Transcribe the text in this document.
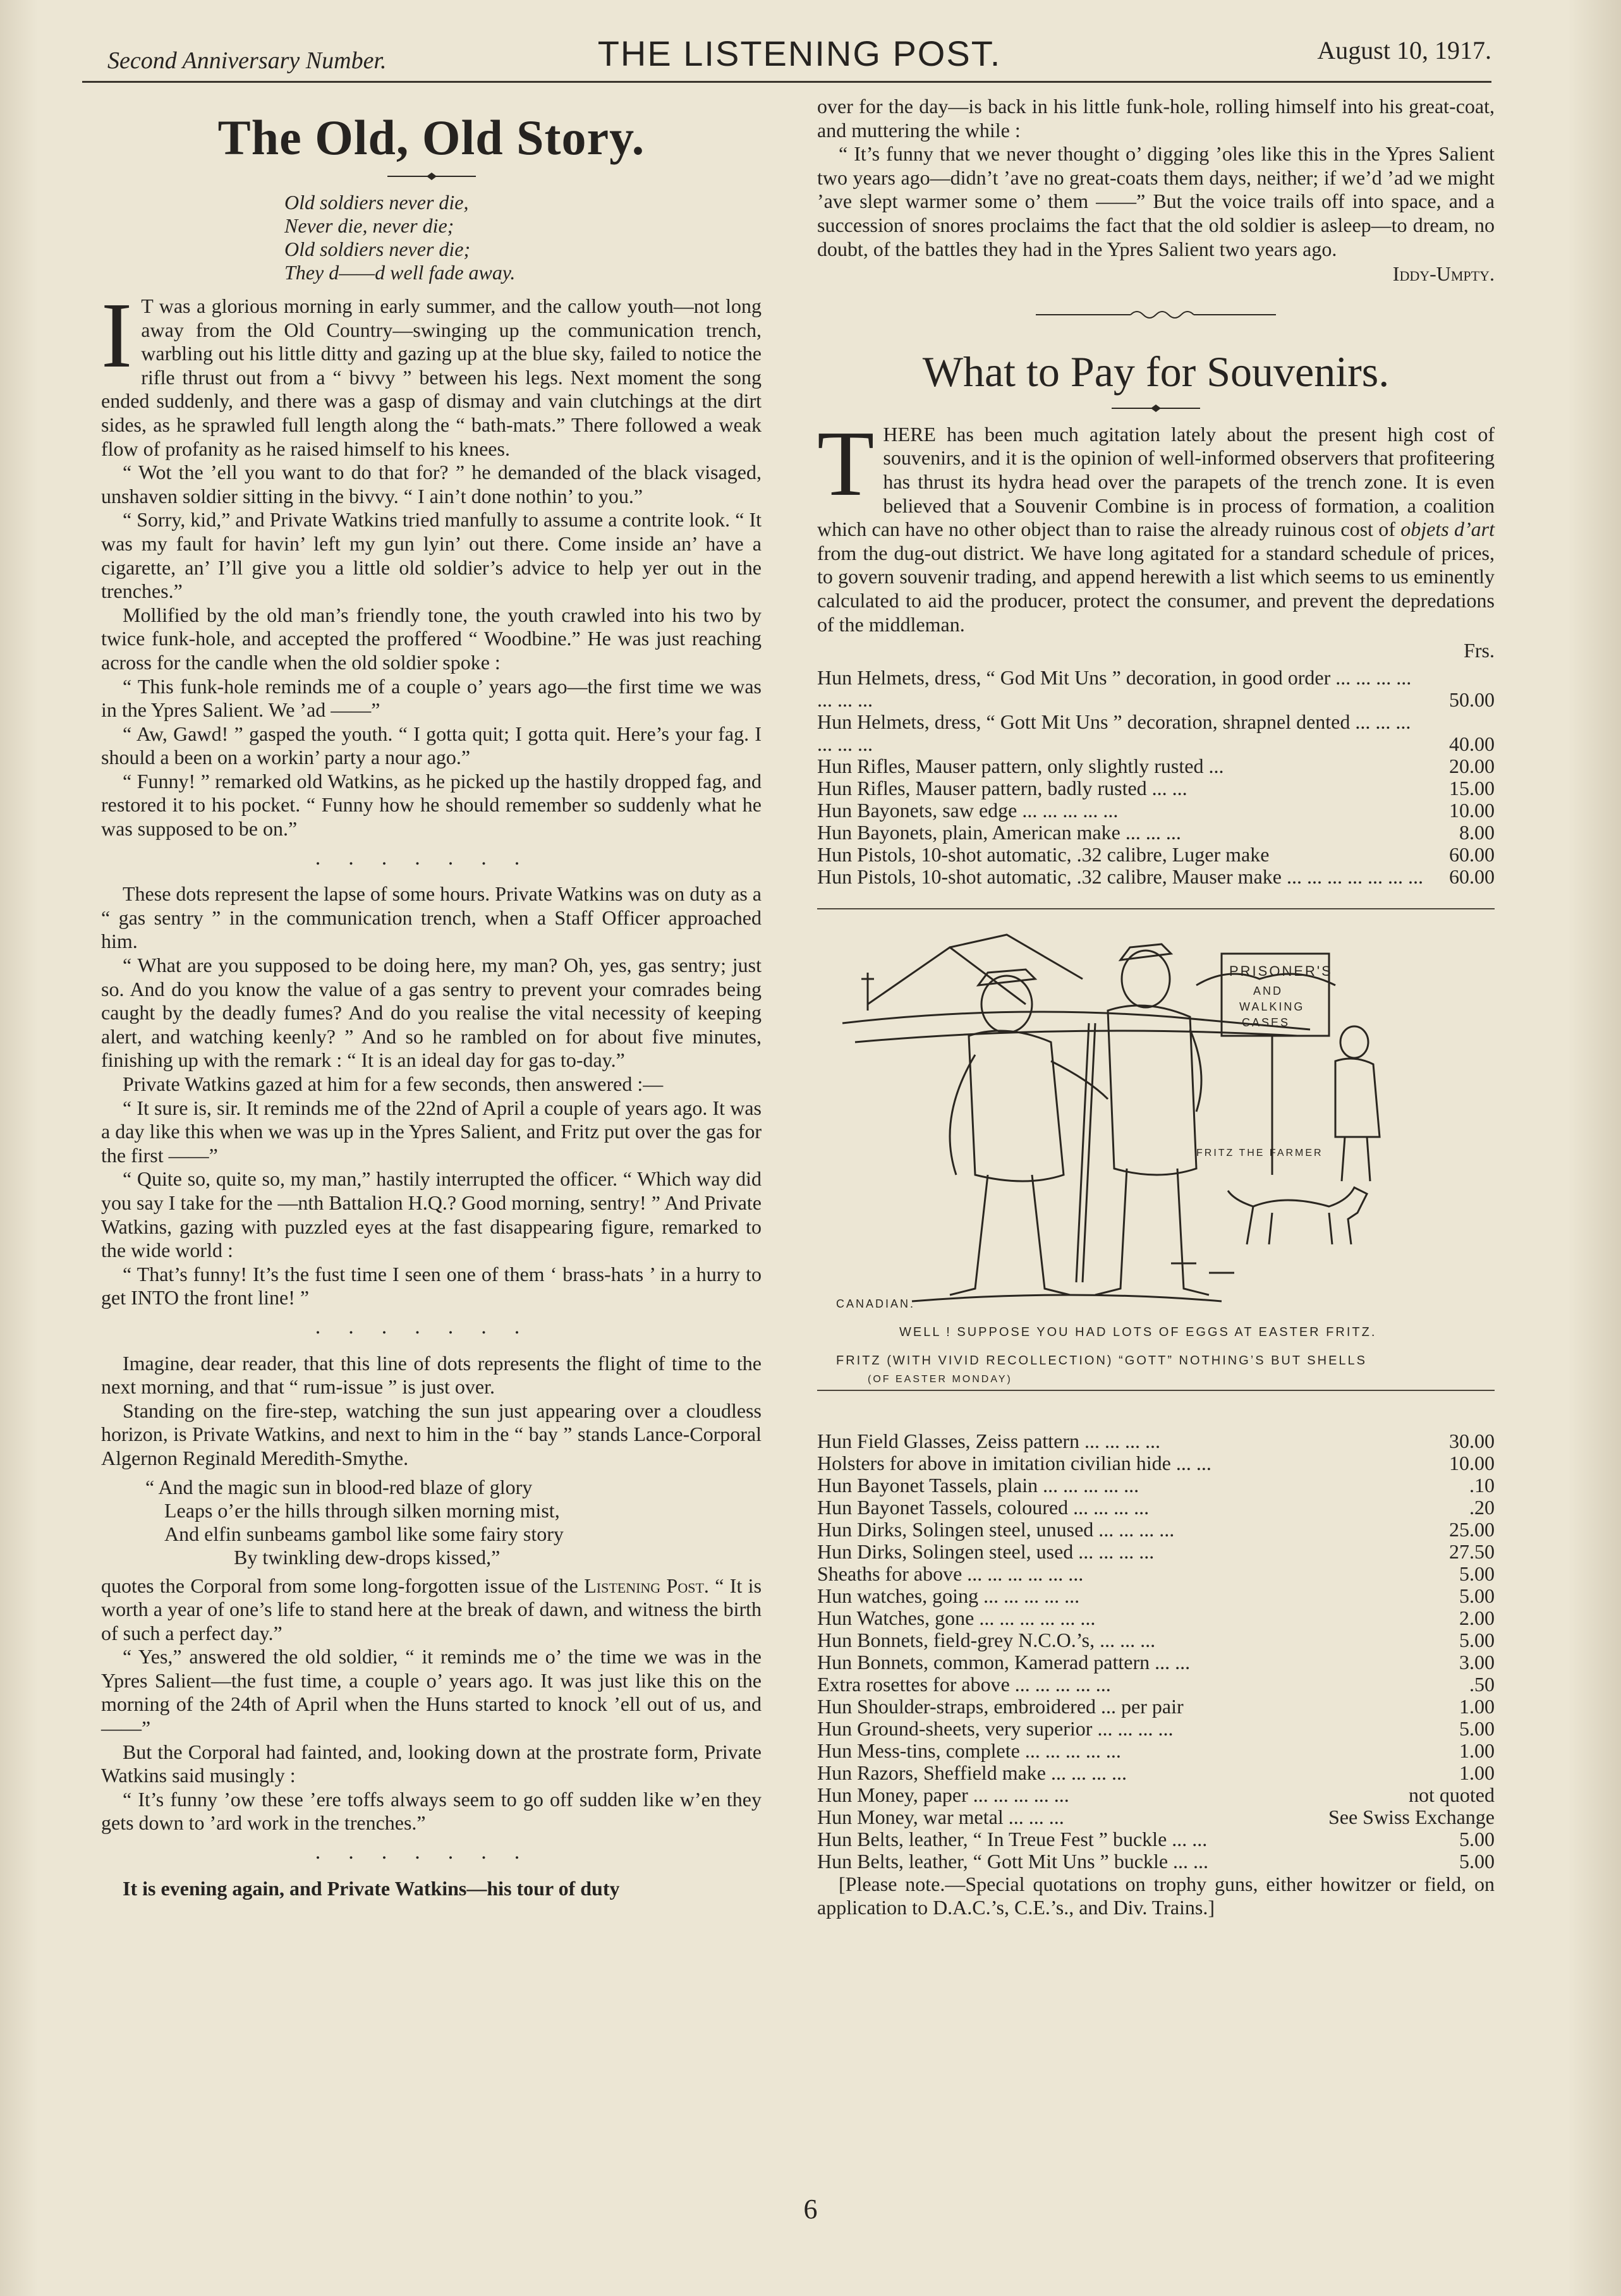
Second Anniversary Number.	THE LISTENING POST.	August 10, 1917.
The Old, Old Story.
Old soldiers never die,
Never die, never die;
Old soldiers never die;
They d——d well fade away.

I T was a glorious morning in early summer, and the callow youth—not long away from the Old Country—swinging up the communication trench, warbling out his little ditty and gazing up at the blue sky, failed to notice the rifle thrust out from a “ bivvy ” between his legs. Next moment the song ended suddenly, and there was a gasp of dismay and vain clutchings at the dirt sides, as he sprawled full length along the “ bath-mats.” There followed a weak flow of profanity as he raised himself to his knees.

“ Wot the ’ell you want to do that for? ” he demanded of the black visaged, unshaven soldier sitting in the bivvy. “ I ain’t done nothin’ to you.”

“ Sorry, kid,” and Private Watkins tried manfully to assume a contrite look. “ It was my fault for havin’ left my gun lyin’ out there. Come inside an’ have a cigarette, an’ I’ll give you a little old soldier’s advice to help yer out in the trenches.”

Mollified by the old man’s friendly tone, the youth crawled into his two by twice funk-hole, and accepted the proffered “ Woodbine.” He was just reaching across for the candle when the old soldier spoke :

“ This funk-hole reminds me of a couple o’ years ago—the first time we was in the Ypres Salient. We ’ad ——”

“ Aw, Gawd! ” gasped the youth. “ I gotta quit; I gotta quit. Here’s your fag. I should a been on a workin’ party a nour ago.”

“ Funny! ” remarked old Watkins, as he picked up the hastily dropped fag, and restored it to his pocket. “ Funny how he should remember so suddenly what he was supposed to be on.”

.......

These dots represent the lapse of some hours. Private Watkins was on duty as a “ gas sentry ” in the communication trench, when a Staff Officer approached him.

“ What are you supposed to be doing here, my man? Oh, yes, gas sentry; just so. And do you know the value of a gas sentry to prevent your comrades being caught by the deadly fumes? And do you realise the vital necessity of keeping alert, and watching keenly? ” And so he rambled on for about five minutes, finishing up with the remark : “ It is an ideal day for gas to-day.”

Private Watkins gazed at him for a few seconds, then answered :—

“ It sure is, sir. It reminds me of the 22nd of April a couple of years ago. It was a day like this when we was up in the Ypres Salient, and Fritz put over the gas for the first ——”

“ Quite so, quite so, my man,” hastily interrupted the officer. “ Which way did you say I take for the —nth Battalion H.Q.? Good morning, sentry! ” And Private Watkins, gazing with puzzled eyes at the fast disappearing figure, remarked to the wide world :

“ That’s funny! It’s the fust time I seen one of them ‘ brass-hats ’ in a hurry to get INTO the front line! ”

.......

Imagine, dear reader, that this line of dots represents the flight of time to the next morning, and that “ rum-issue ” is just over.

Standing on the fire-step, watching the sun just appearing over a cloudless horizon, is Private Watkins, and next to him in the “ bay ” stands Lance-Corporal Algernon Reginald Meredith-Smythe.

“ And the magic sun in blood-red blaze of glory
Leaps o’er the hills through silken morning mist,
And elfin sunbeams gambol like some fairy story
By twinkling dew-drops kissed,”

quotes the Corporal from some long-forgotten issue of the Listening Post. “ It is worth a year of one’s life to stand here at the break of dawn, and witness the birth of such a perfect day.”

“ Yes,” answered the old soldier, “ it reminds me o’ the time we was in the Ypres Salient—the fust time, a couple o’ years ago. It was just like this on the morning of the 24th of April when the Huns started to knock ’ell out of us, and ——”

But the Corporal had fainted, and, looking down at the prostrate form, Private Watkins said musingly :

“ It’s funny ’ow these ’ere toffs always seem to go off sudden like w’en they gets down to ’ard work in the trenches.”

.......

It is evening again, and Private Watkins—his tour of duty

over for the day—is back in his little funk-hole, rolling himself into his great-coat, and muttering the while :

“ It’s funny that we never thought o’ digging ’oles like this in the Ypres Salient two years ago—didn’t ’ave no great-coats them days, neither; if we’d ’ad we might ’ave slept warmer some o’ them ——” But the voice trails off into space, and a succession of snores proclaims the fact that the old soldier is asleep—to dream, no doubt, of the battles they had in the Ypres Salient two years ago.

Iddy-Umpty.
What to Pay for Souvenirs.

THERE has been much agitation lately about the present high cost of souvenirs, and it is the opinion of well-informed observers that profiteering has thrust its hydra head over the parapets of the trench zone. It is even believed that a Souvenir Combine is in process of formation, a coalition which can have no other object than to raise the already ruinous cost of objets d’art from the dug-out district. We have long agitated for a standard schedule of prices, to govern souvenir trading, and append herewith a list which seems to us eminently calculated to aid the producer, protect the consumer, and prevent the depredations of the middleman.

Frs.
Hun Helmets, dress, “ God Mit Uns ” decoration, in good order ... ... ... ... ... ... ...	50.00
Hun Helmets, dress, “ Gott Mit Uns ” decoration, shrapnel dented ... ... ... ... ... ...	40.00
Hun Rifles, Mauser pattern, only slightly rusted ...	20.00
Hun Rifles, Mauser pattern, badly rusted ... ...	15.00
Hun Bayonets, saw edge ... ... ... ... ...	10.00
Hun Bayonets, plain, American make ... ... ...	8.00
Hun Pistols, 10-shot automatic, .32 calibre, Luger make	60.00
Hun Pistols, 10-shot automatic, .32 calibre, Mauser make ... ... ... ... ... ... ...	60.00
PRISONER'S
AND
WALKING
CASES
FRITZ THE FARMER
CANADIAN.
WELL ! SUPPOSE YOU HAD LOTS OF EGGS AT EASTER FRITZ.
FRITZ (WITH VIVID RECOLLECTION) “GOTT” NOTHING’S BUT SHELLS
(OF EASTER MONDAY)
Hun Field Glasses, Zeiss pattern ... ... ... ...	30.00
Holsters for above in imitation civilian hide ... ...	10.00
Hun Bayonet Tassels, plain ... ... ... ... ...	.10
Hun Bayonet Tassels, coloured ... ... ... ...	.20
Hun Dirks, Solingen steel, unused ... ... ... ...	25.00
Hun Dirks, Solingen steel, used ... ... ... ...	27.50
Sheaths for above ... ... ... ... ... ...	5.00
Hun watches, going ... ... ... ... ...	5.00
Hun Watches, gone ... ... ... ... ... ...	2.00
Hun Bonnets, field-grey N.C.O.’s, ... ... ...	5.00
Hun Bonnets, common, Kamerad pattern ... ...	3.00
Extra rosettes for above ... ... ... ... ...	.50
Hun Shoulder-straps, embroidered ... per pair	1.00
Hun Ground-sheets, very superior ... ... ... ...	5.00
Hun Mess-tins, complete ... ... ... ... ...	1.00
Hun Razors, Sheffield make ... ... ... ...	1.00
Hun Money, paper ... ... ... ... ...	not quoted
Hun Money, war metal ... ... ...	See Swiss Exchange
Hun Belts, leather, “ In Treue Fest ” buckle ... ...	5.00
Hun Belts, leather, “ Gott Mit Uns ” buckle ... ...	5.00

[Please note.—Special quotations on trophy guns, either howitzer or field, on application to D.A.C.’s, C.E.’s., and Div. Trains.]

6
